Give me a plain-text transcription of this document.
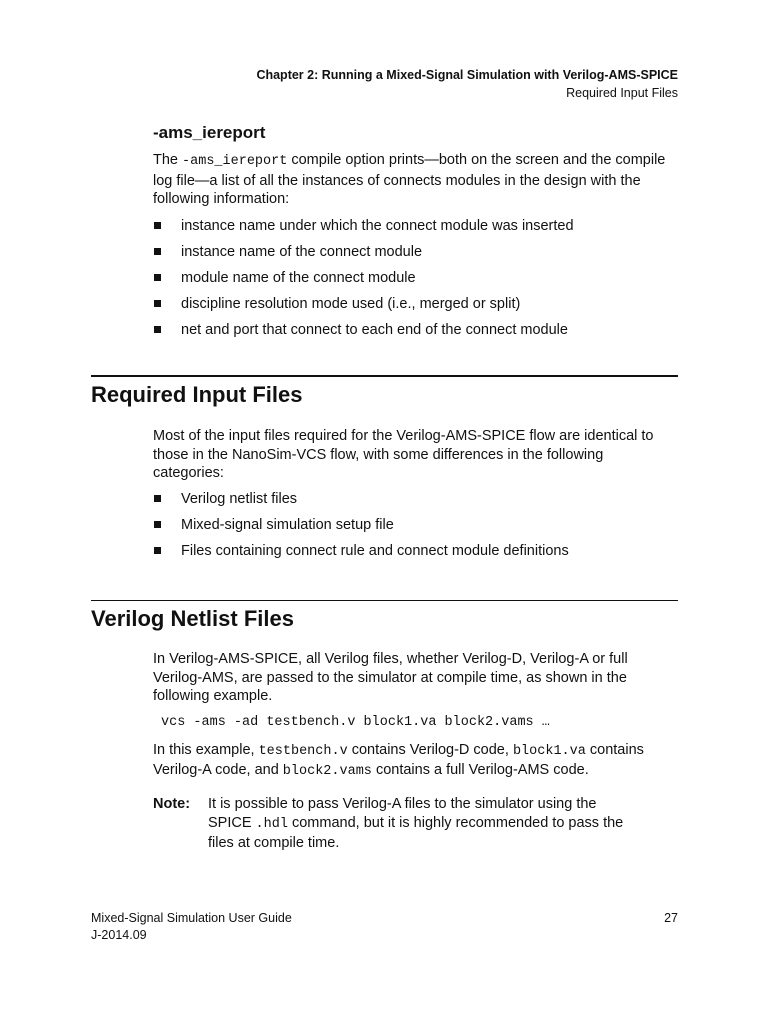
Chapter 2: Running a Mixed-Signal Simulation with Verilog-AMS-SPICE
Required Input Files
-ams_iereport

The -ams_iereport compile option prints—both on the screen and the compile log file—a list of all the instances of connects modules in the design with the following information:

instance name under which the connect module was inserted
instance name of the connect module
module name of the connect module
discipline resolution mode used (i.e., merged or split)
net and port that connect to each end of the connect module
Required Input Files

Most of the input files required for the Verilog-AMS-SPICE flow are identical to those in the NanoSim-VCS flow, with some differences in the following categories:

Verilog netlist files
Mixed-signal simulation setup file
Files containing connect rule and connect module definitions
Verilog Netlist Files

In Verilog-AMS-SPICE, all Verilog files, whether Verilog-D, Verilog-A or full Verilog-AMS, are passed to the simulator at compile time, as shown in the following example.

vcs -ams -ad testbench.v block1.va block2.vams …

In this example, testbench.v contains Verilog-D code, block1.va contains Verilog-A code, and block2.vams contains a full Verilog-AMS code.

Note: It is possible to pass Verilog-A files to the simulator using the SPICE .hdl command, but it is highly recommended to pass the files at compile time.

Mixed-Signal Simulation User Guide
J-2014.09
27
